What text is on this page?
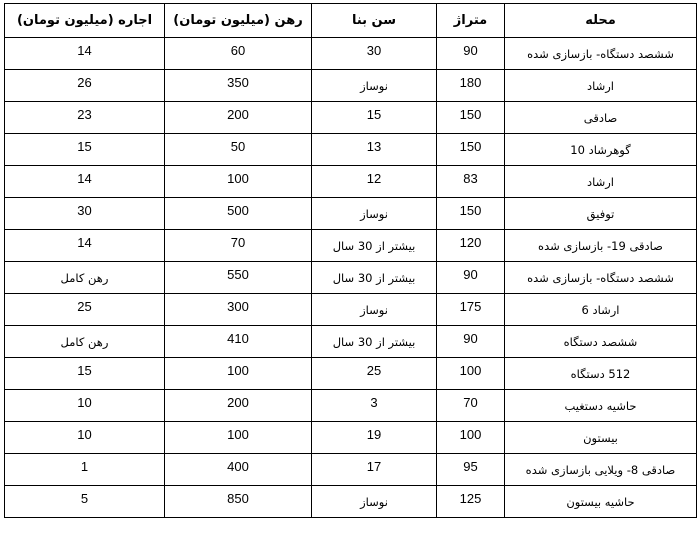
محله	متراژ	سن بنا	رهن (میلیون تومان)	اجاره (میلیون تومان)
ششصد دستگاه- بازسازی شده	90	30	60	14
ارشاد	180	نوساز	350	26
صادقی	150	15	200	23
گوهرشاد 10	150	13	50	15
ارشاد	83	12	100	14
توفیق	150	نوساز	500	30
صادقی 19- بازسازی شده	120	بیشتر از 30 سال	70	14
ششصد دستگاه- بازسازی شده	90	بیشتر از 30 سال	550	رهن کامل
ارشاد 6	175	نوساز	300	25
ششصد دستگاه	90	بیشتر از 30 سال	410	رهن کامل
512 دستگاه	100	25	100	15
حاشیه دستغیب	70	3	200	10
بیستون	100	19	100	10
صادقی 8- ویلایی بازسازی شده	95	17	400	1
حاشیه بیستون	125	نوساز	850	5
